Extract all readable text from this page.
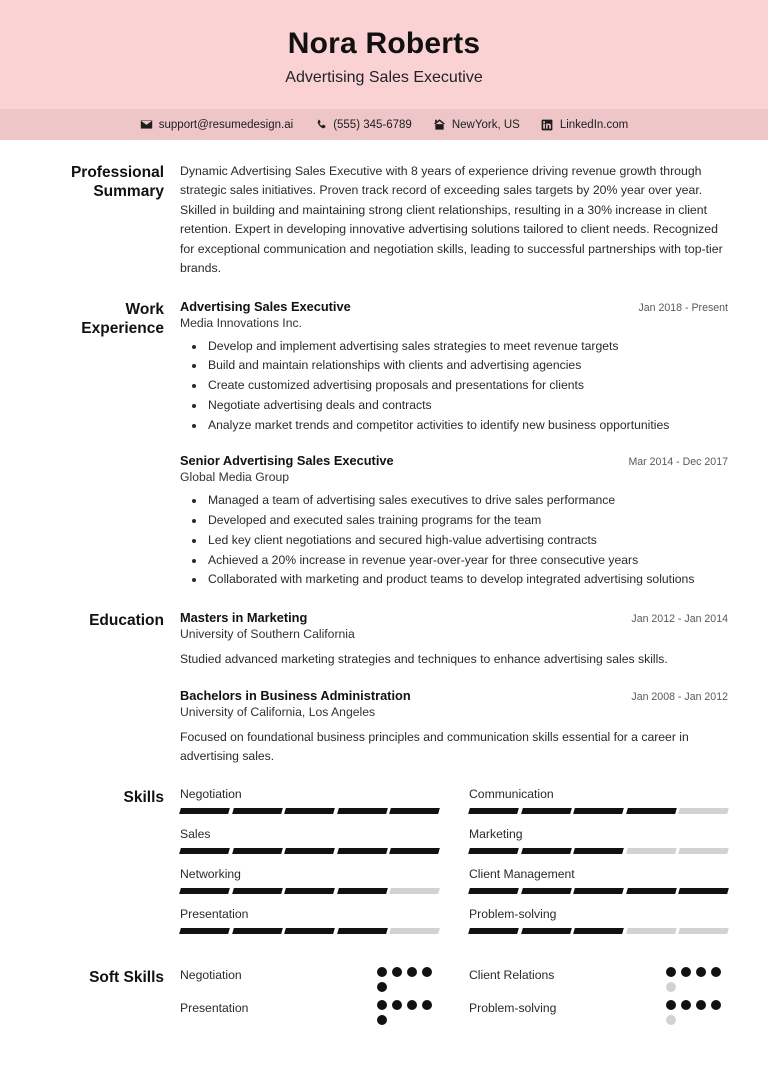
Nora Roberts
Advertising Sales Executive
support@resumedesign.ai	(555) 345-6789	NewYork, US	LinkedIn.com
Professional Summary
Dynamic Advertising Sales Executive with 8 years of experience driving revenue growth through strategic sales initiatives. Proven track record of exceeding sales targets by 20% year over year. Skilled in building and maintaining strong client relationships, resulting in a 30% increase in client retention. Expert in developing innovative advertising solutions tailored to client needs. Recognized for exceptional communication and negotiation skills, leading to successful partnerships with top-tier brands.
Work Experience
Advertising Sales Executive	Jan 2018 - Present
Media Innovations Inc.
• Develop and implement advertising sales strategies to meet revenue targets
• Build and maintain relationships with clients and advertising agencies
• Create customized advertising proposals and presentations for clients
• Negotiate advertising deals and contracts
• Analyze market trends and competitor activities to identify new business opportunities
Senior Advertising Sales Executive	Mar 2014 - Dec 2017
Global Media Group
• Managed a team of advertising sales executives to drive sales performance
• Developed and executed sales training programs for the team
• Led key client negotiations and secured high-value advertising contracts
• Achieved a 20% increase in revenue year-over-year for three consecutive years
• Collaborated with marketing and product teams to develop integrated advertising solutions
Education	Masters in Marketing	Jan 2012 - Jan 2014
University of Southern California
Studied advanced marketing strategies and techniques to enhance advertising sales skills.
Bachelors in Business Administration	Jan 2008 - Jan 2012
University of California, Los Angeles
Focused on foundational business principles and communication skills essential for a career in advertising sales.
Skills	Negotiation	Communication
Sales	Marketing
Networking	Client Management
Presentation	Problem-solving
Soft Skills	Negotiation	Client Relations
Presentation	Problem-solving
